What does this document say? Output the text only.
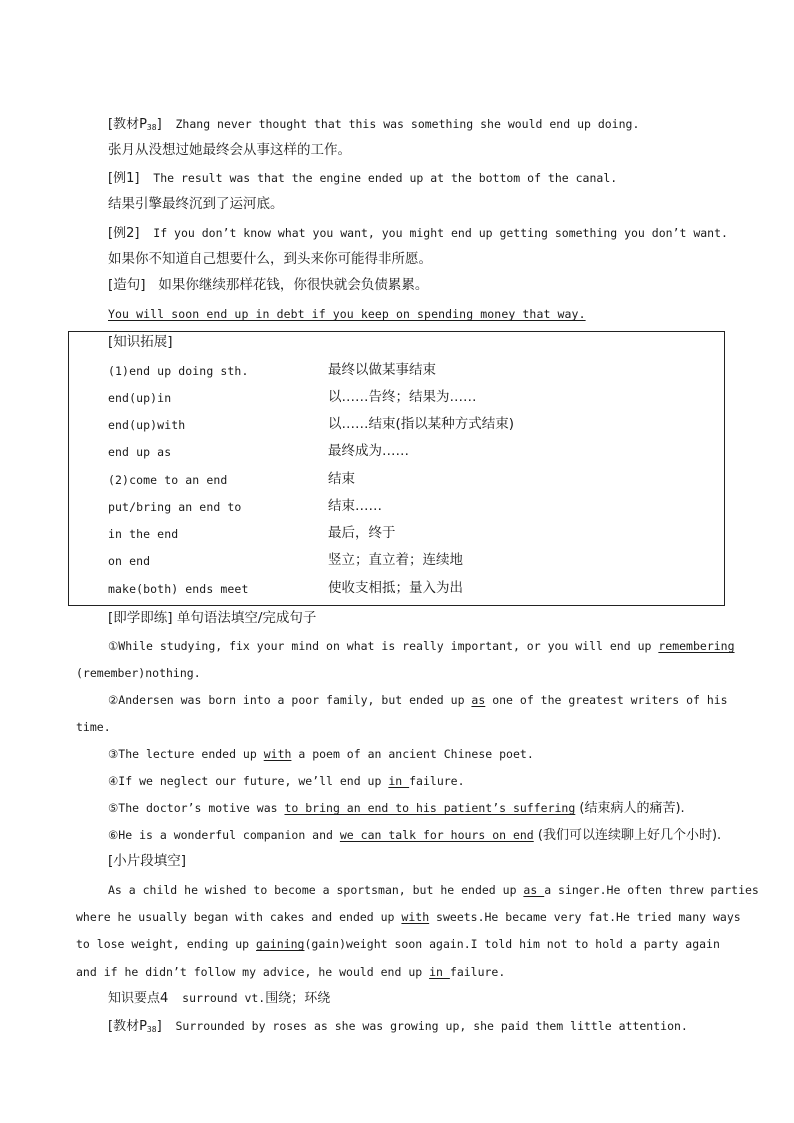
[教材$P_{38}$] Zhang never thought that this was something she would end up doing.
张月从没想过她最终会从事这样的工作。
[例1] The result was that the engine ended up at the bottom of the canal.
结果引擎最终沉到了运河底。
[例2] If you don’t know what you want, you might end up getting something you don’t want.
如果你不知道自己想要什么，到头来你可能得非所愿。
[造句] 如果你继续那样花钱，你很快就会负债累累。
You will soon end up in debt if you keep on spending money that way.
[知识拓展]
(1)end up doing sth.	最终以做某事结束
end(up)in	以……告终；结果为……
end(up)with	以……结束(指以某种方式结束)
end up as	最终成为……
(2)come to an end	结束
put/bring an end to	结束……
in the end	最后，终于
on end	竖立；直立着；连续地
make(both) ends meet	使收支相抵；量入为出
[即学即练] 单句语法填空/完成句子
①While studying, fix your mind on what is really important, or you will end up remembering
(remember)nothing.
②Andersen was born into a poor family, but ended up as one of the greatest writers of his
time.
③The lecture ended up with a poem of an ancient Chinese poet.
④If we neglect our future, we’ll end up in failure.
⑤The doctor’s motive was to bring an end to his patient’s suffering (结束病人的痛苦).
⑥He is a wonderful companion and we can talk for hours on end (我们可以连续聊上好几个小时).
[小片段填空]
As a child he wished to become a sportsman, but he ended up as a singer.He often threw parties
where he usually began with cakes and ended up with sweets.He became very fat.He tried many ways
to lose weight, ending up gaining(gain)weight soon again.I told him not to hold a party again
and if he didn’t follow my advice, he would end up in failure.
知识要点4 surround vt.围绕；环绕
[教材$P_{38}$] Surrounded by roses as she was growing up, she paid them little attention.
